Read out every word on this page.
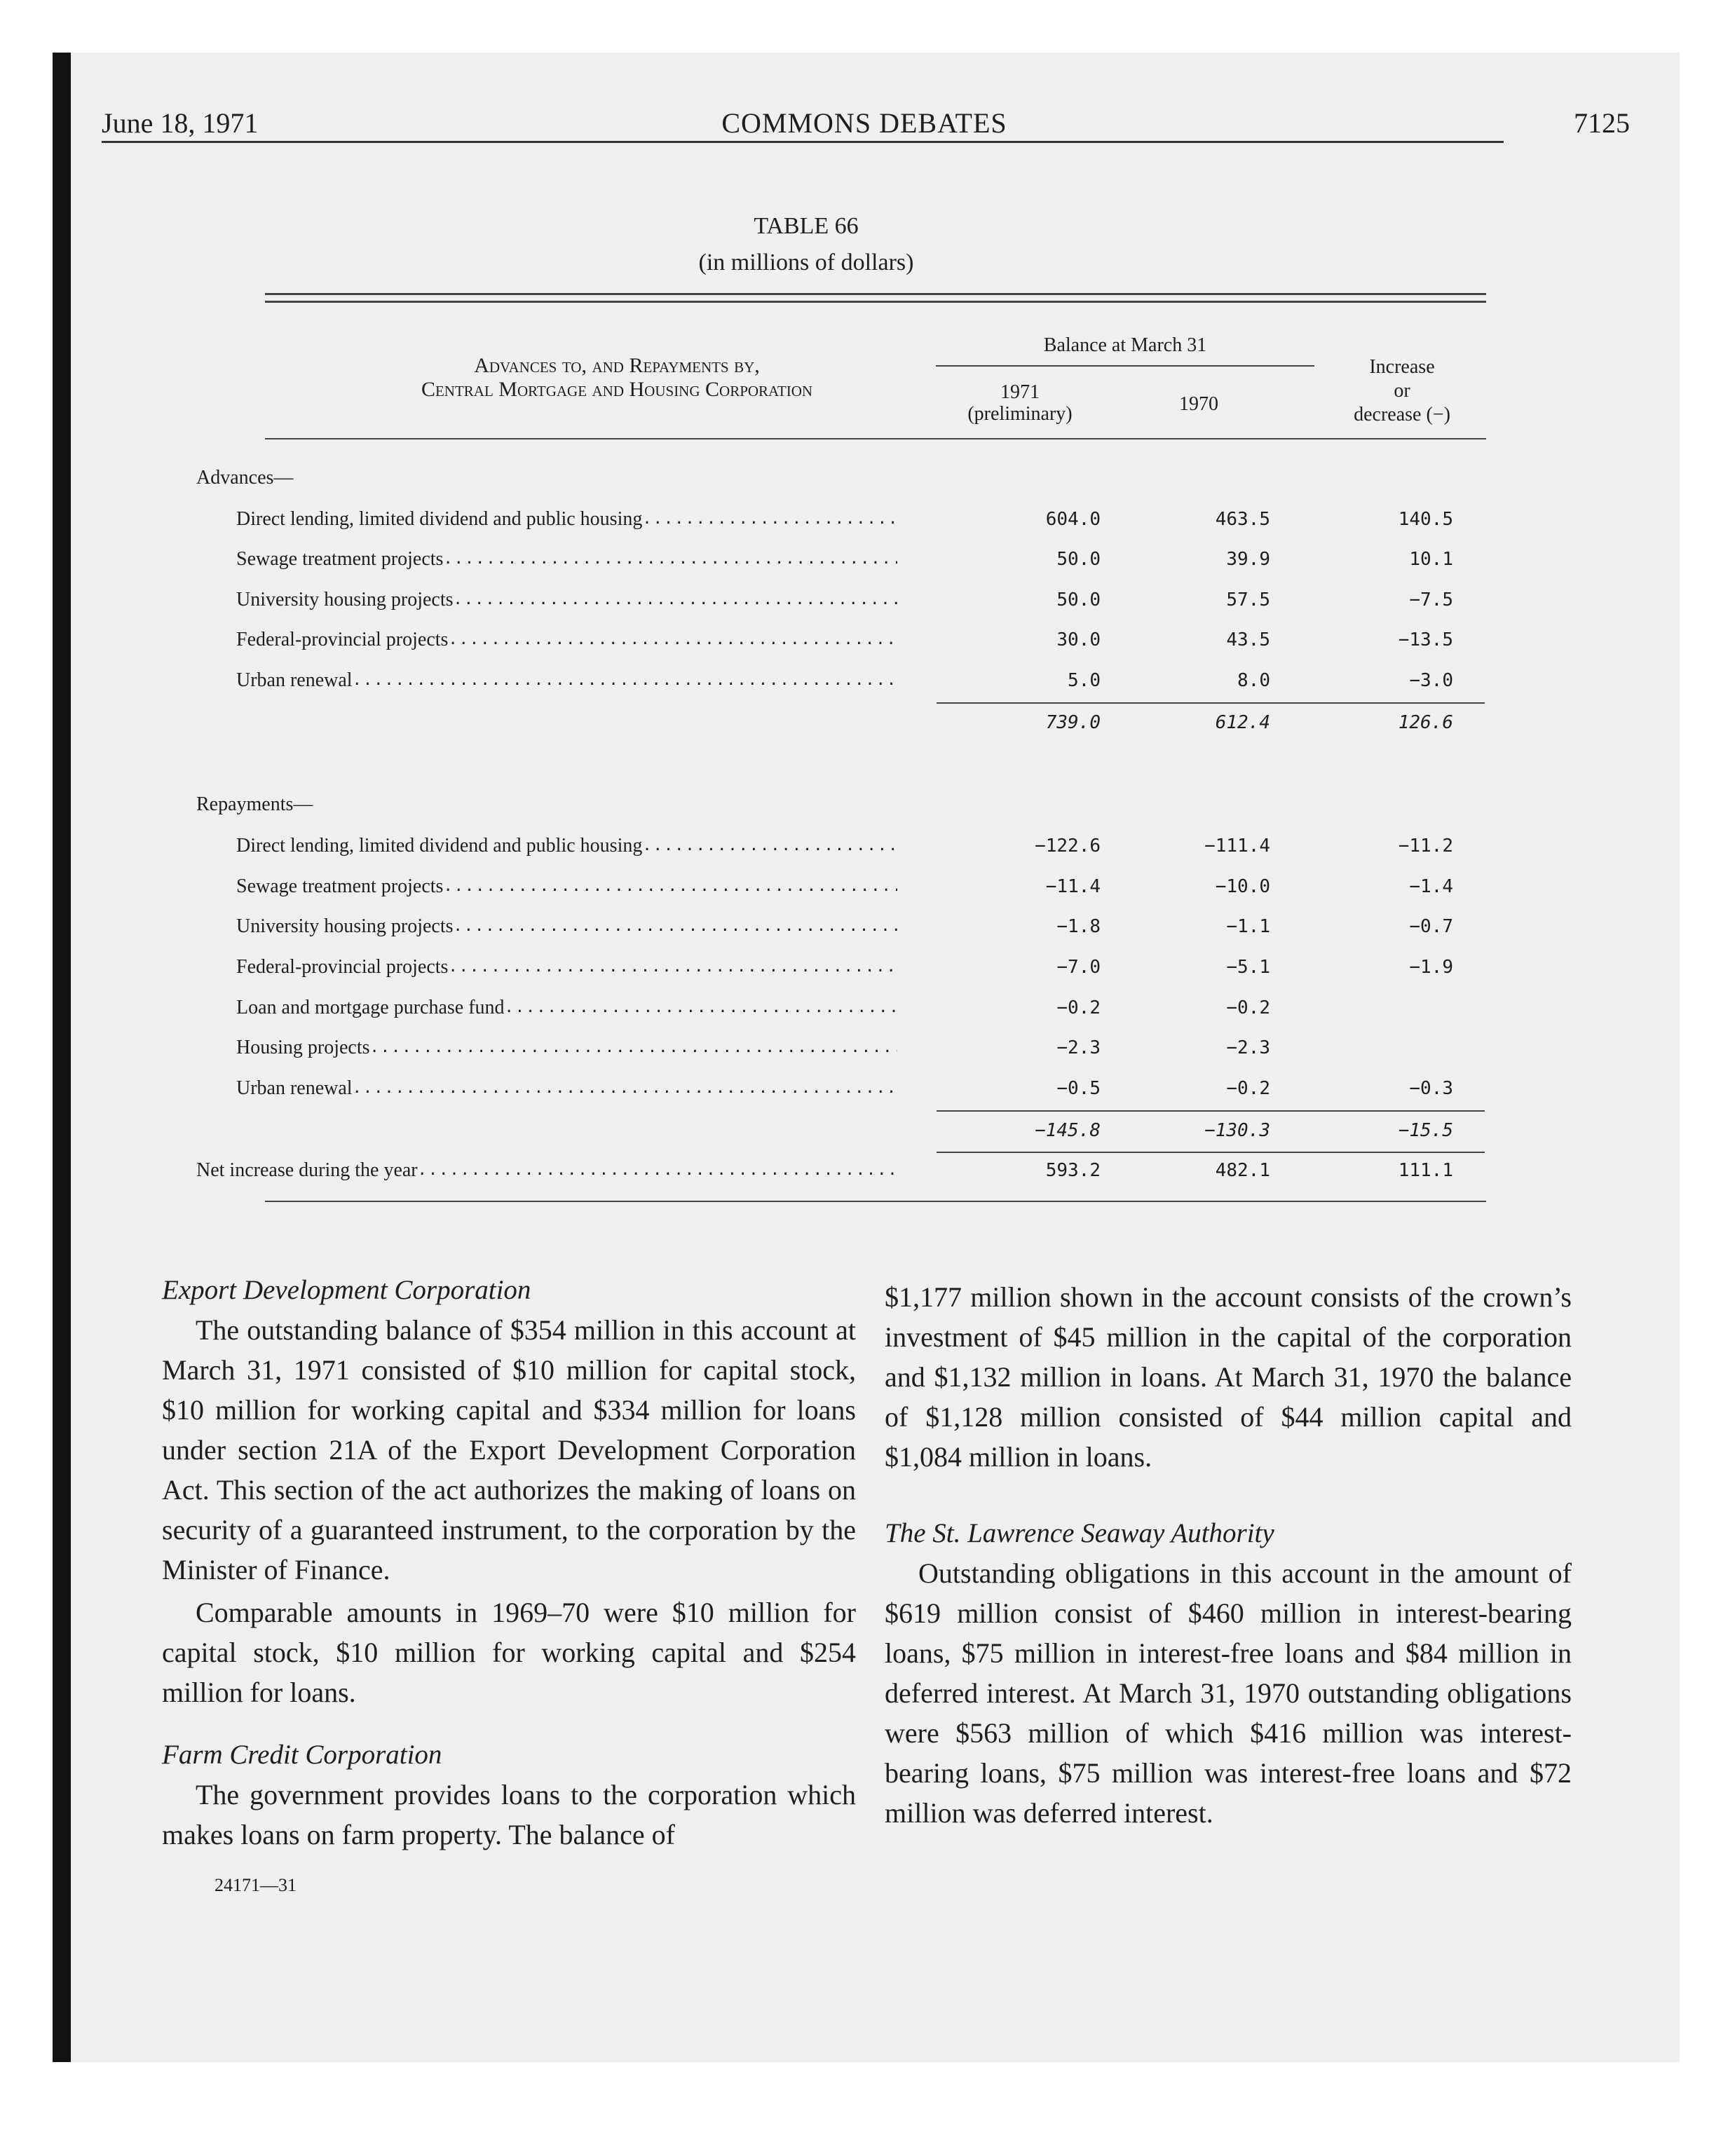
June 18, 1971	COMMONS DEBATES	7125
TABLE 66
(in millions of dollars)
Advances to, and Repayments by,
Central Mortgage and Housing Corporation
Balance at March 31
1971
(preliminary)	1970
Increase
or
decrease (−)
Advances—
Direct lending, limited dividend and public housing .....	604.0	463.5	140.5
Sewage treatment projects .....	50.0	39.9	10.1
University housing projects .....	50.0	57.5	−7.5
Federal-provincial projects .....	30.0	43.5	−13.5
Urban renewal .....	5.0	8.0	−3.0
739.0	612.4	126.6
Repayments—
Direct lending, limited dividend and public housing .....	−122.6	−111.4	−11.2
Sewage treatment projects .....	−11.4	−10.0	−1.4
University housing projects .....	−1.8	−1.1	−0.7
Federal-provincial projects .....	−7.0	−5.1	−1.9
Loan and mortgage purchase fund .....	−0.2	−0.2
Housing projects .....	−2.3	−2.3
Urban renewal .....	−0.5	−0.2	−0.3
−145.8	−130.3	−15.5
Net increase during the year .....	593.2	482.1	111.1

Export Development Corporation

The outstanding balance of $354 million in this account at March 31, 1971 consisted of $10 million for capital stock, $10 million for working capital and $334 million for loans under section 21A of the Export Development Corporation Act. This section of the act authorizes the making of loans on security of a guaranteed instrument, to the corporation by the Minister of Finance.

Comparable amounts in 1969–70 were $10 million for capital stock, $10 million for working capital and $254 million for loans.

Farm Credit Corporation

The government provides loans to the corporation which makes loans on farm property. The balance of

$1,177 million shown in the account consists of the crown’s investment of $45 million in the capital of the corporation and $1,132 million in loans. At March 31, 1970 the balance of $1,128 million consisted of $44 million capital and $1,084 million in loans.

The St. Lawrence Seaway Authority

Outstanding obligations in this account in the amount of $619 million consist of $460 million in interest-bearing loans, $75 million in interest-free loans and $84 million in deferred interest. At March 31, 1970 outstanding obligations were $563 million of which $416 million was interest-bearing loans, $75 million was interest-free loans and $72 million was deferred interest.

24171—31
